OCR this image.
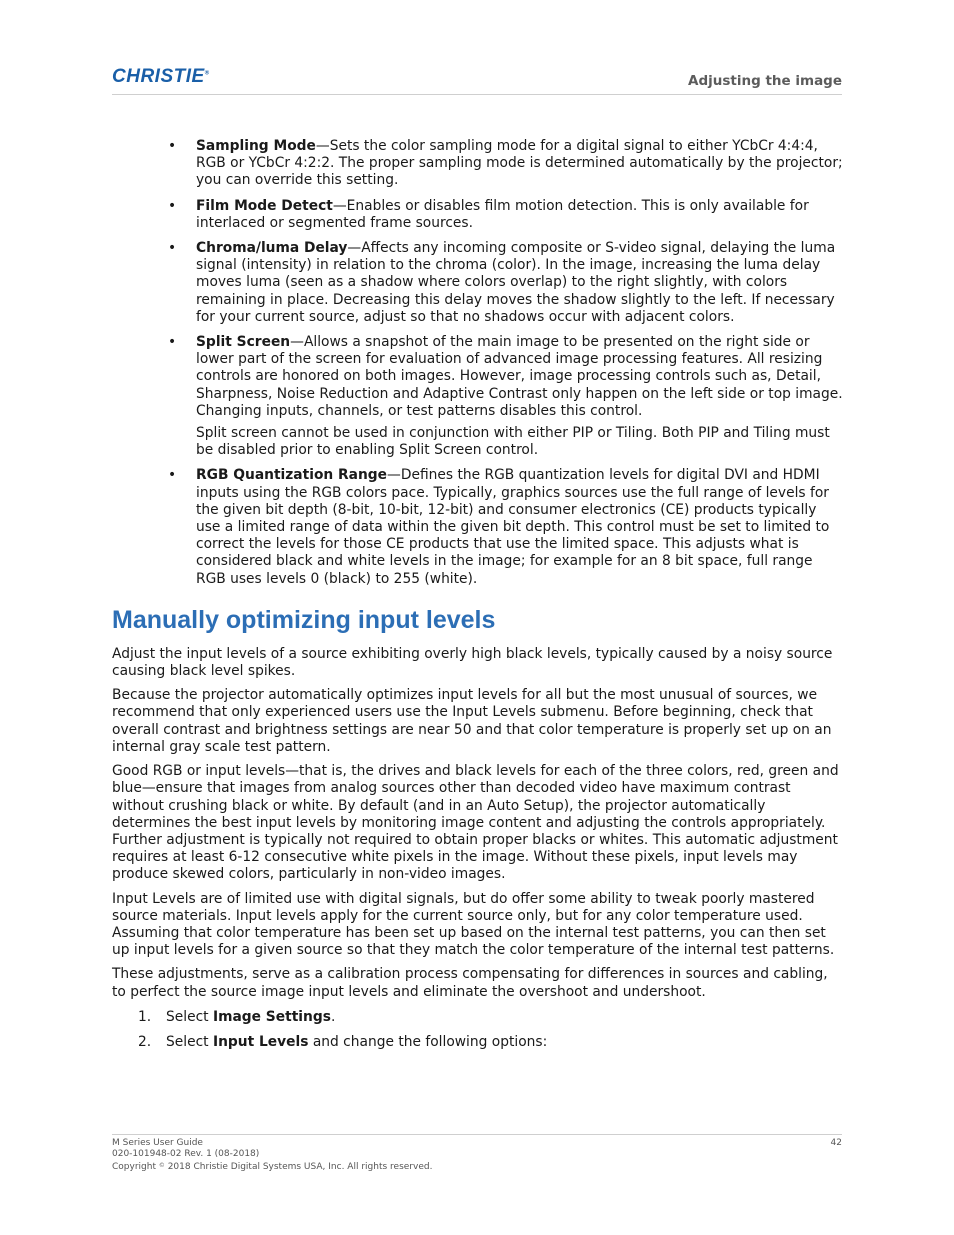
CHRISTIE®	Adjusting the image
• Sampling Mode—Sets the color sampling mode for a digital signal to either YCbCr 4:4:4, RGB or YCbCr 4:2:2. The proper sampling mode is determined automatically by the projector; you can override this setting.

• Film Mode Detect—Enables or disables film motion detection. This is only available for interlaced or segmented frame sources.

• Chroma/luma Delay—Affects any incoming composite or S-video signal, delaying the luma signal (intensity) in relation to the chroma (color). In the image, increasing the luma delay moves luma (seen as a shadow where colors overlap) to the right slightly, with colors remaining in place. Decreasing this delay moves the shadow slightly to the left. If necessary for your current source, adjust so that no shadows occur with adjacent colors.

• Split Screen—Allows a snapshot of the main image to be presented on the right side or lower part of the screen for evaluation of advanced image processing features. All resizing controls are honored on both images. However, image processing controls such as, Detail, Sharpness, Noise Reduction and Adaptive Contrast only happen on the left side or top image. Changing inputs, channels, or test patterns disables this control.

Split screen cannot be used in conjunction with either PIP or Tiling. Both PIP and Tiling must be disabled prior to enabling Split Screen control.

• RGB Quantization Range—Defines the RGB quantization levels for digital DVI and HDMI inputs using the RGB colors pace. Typically, graphics sources use the full range of levels for the given bit depth (8-bit, 10-bit, 12-bit) and consumer electronics (CE) products typically use a limited range of data within the given bit depth. This control must be set to limited to correct the levels for those CE products that use the limited space. This adjusts what is considered black and white levels in the image; for example for an 8 bit space, full range RGB uses levels 0 (black) to 255 (white).

Manually optimizing input levels

Adjust the input levels of a source exhibiting overly high black levels, typically caused by a noisy source causing black level spikes.

Because the projector automatically optimizes input levels for all but the most unusual of sources, we recommend that only experienced users use the Input Levels submenu. Before beginning, check that overall contrast and brightness settings are near 50 and that color temperature is properly set up on an internal gray scale test pattern.

Good RGB or input levels—that is, the drives and black levels for each of the three colors, red, green and blue—ensure that images from analog sources other than decoded video have maximum contrast without crushing black or white. By default (and in an Auto Setup), the projector automatically determines the best input levels by monitoring image content and adjusting the controls appropriately. Further adjustment is typically not required to obtain proper blacks or whites. This automatic adjustment requires at least 6-12 consecutive white pixels in the image. Without these pixels, input levels may produce skewed colors, particularly in non-video images.

Input Levels are of limited use with digital signals, but do offer some ability to tweak poorly mastered source materials. Input levels apply for the current source only, but for any color temperature used. Assuming that color temperature has been set up based on the internal test patterns, you can then set up input levels for a given source so that they match the color temperature of the internal test patterns.

These adjustments, serve as a calibration process compensating for differences in sources and cabling, to perfect the source image input levels and eliminate the overshoot and undershoot.

1. Select Image Settings.
2. Select Input Levels and change the following options:
M Series User Guide
020-101948-02 Rev. 1 (08-2018)
Copyright © 2018 Christie Digital Systems USA, Inc. All rights reserved.
42
